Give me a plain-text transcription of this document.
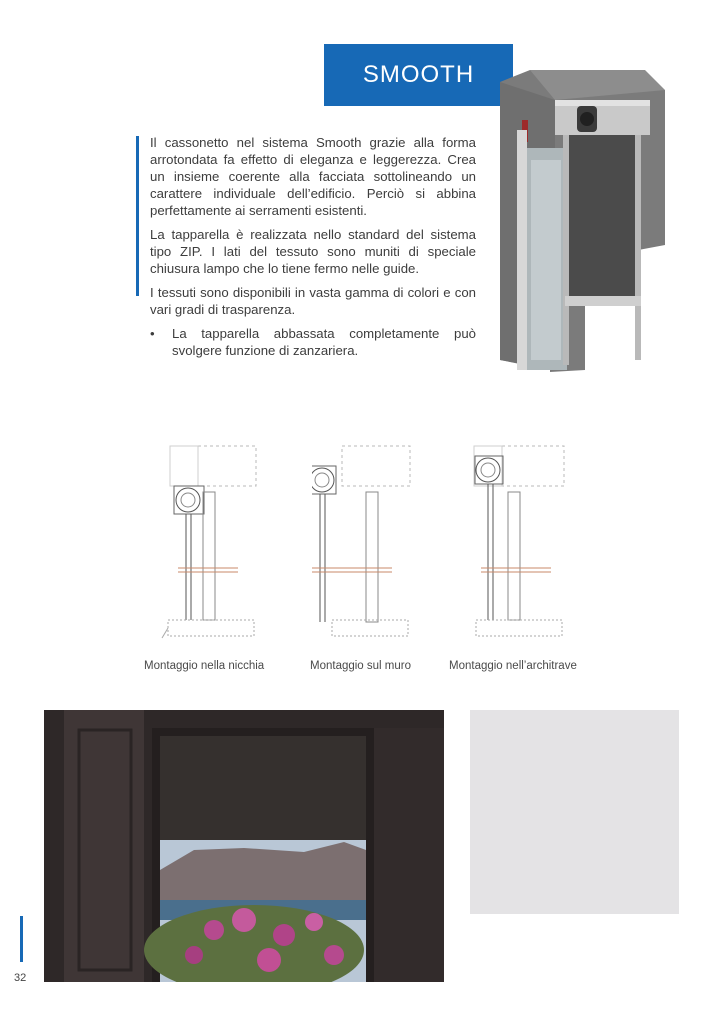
SMOOTH

Il cassonetto nel sistema Smooth grazie alla forma arrotondata fa effetto di eleganza e leggerezza. Crea un insieme coerente alla facciata sottolineando un carattere individuale dell’edificio. Perciò si abbina perfettamente ai serramenti esistenti.

La tapparella è realizzata nello standard del sistema tipo ZIP. I lati del tessuto sono muniti di speciale chiusura lampo che lo tiene fermo nelle guide.

I tessuti sono disponibili in vasta gamma di colori e con vari gradi di trasparenza.

•	La tapparella abbassata completamente può svolgere funzione di zanzariera.
Montaggio nella nicchia	Montaggio sul muro	Montaggio nell’architrave
32
